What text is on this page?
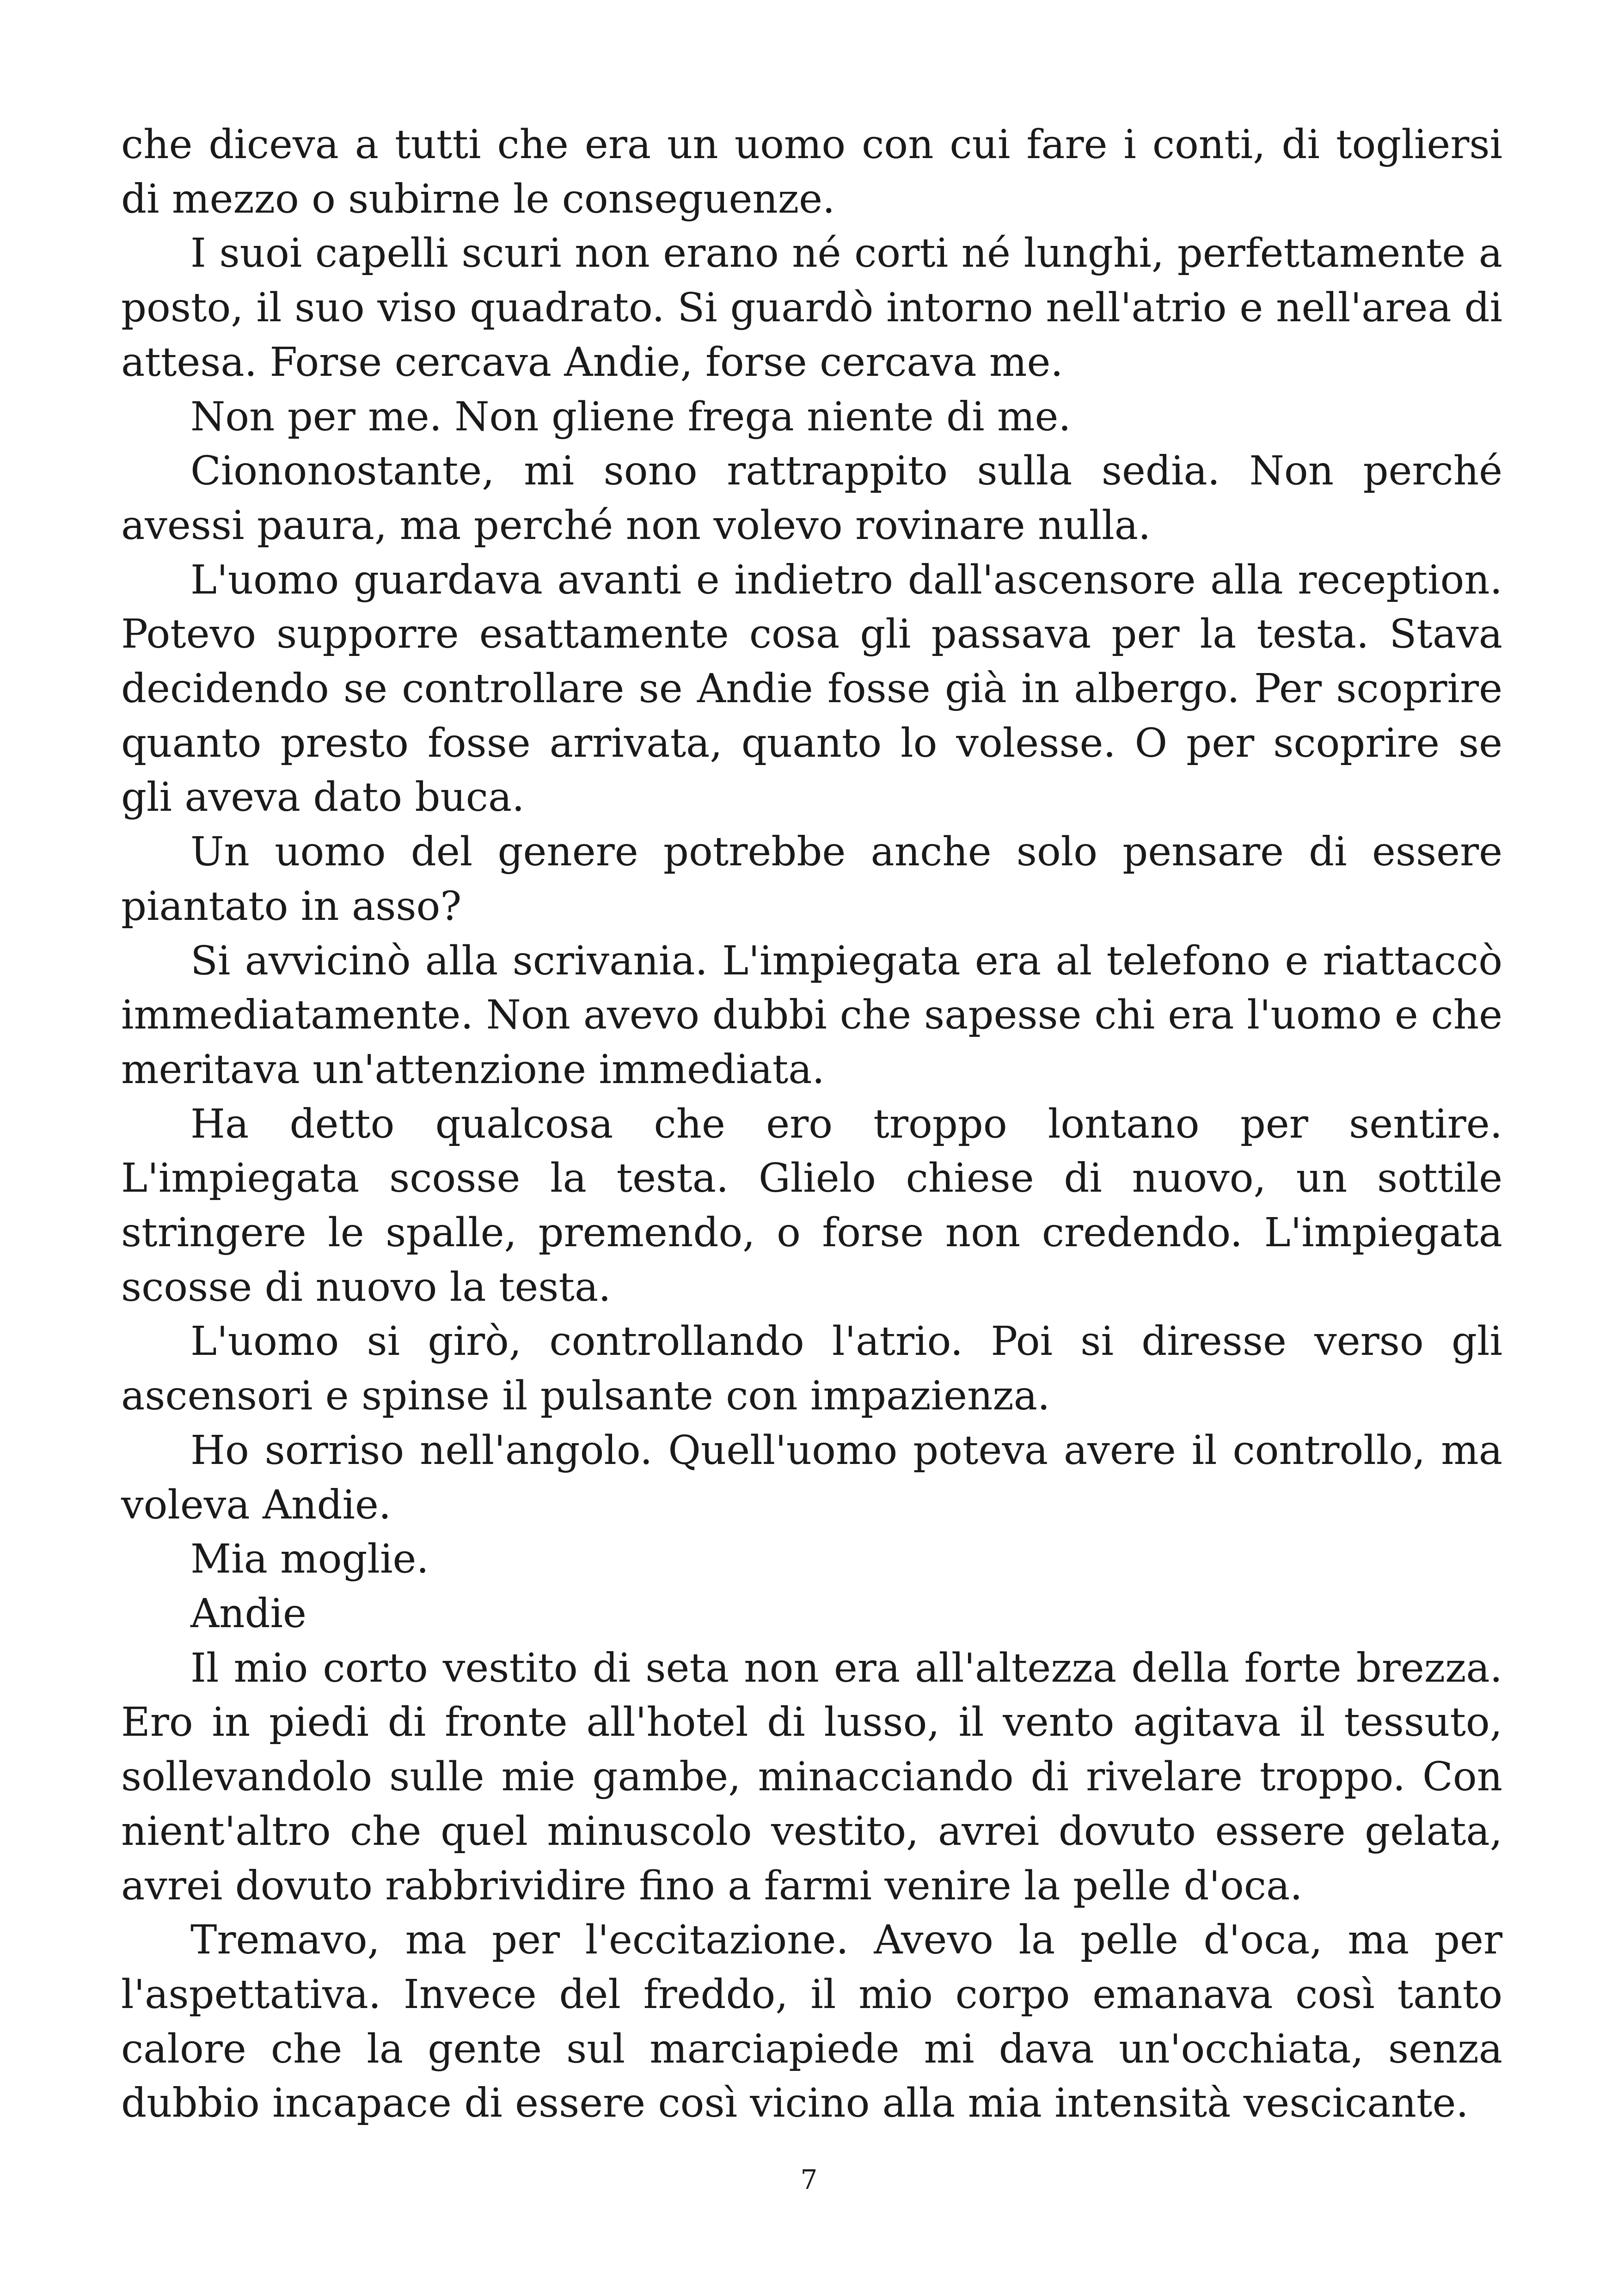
che diceva a tutti che era un uomo con cui fare i conti, di togliersi di mezzo o subirne le conseguenze.

I suoi capelli scuri non erano né corti né lunghi, perfettamente a posto, il suo viso quadrato. Si guardò intorno nell'atrio e nell'area di attesa. Forse cercava Andie, forse cercava me.

Non per me. Non gliene frega niente di me.

Ciononostante, mi sono rattrappito sulla sedia. Non perché avessi paura, ma perché non volevo rovinare nulla.

L'uomo guardava avanti e indietro dall'ascensore alla reception. Potevo supporre esattamente cosa gli passava per la testa. Stava decidendo se controllare se Andie fosse già in albergo. Per scoprire quanto presto fosse arrivata, quanto lo volesse. O per scoprire se gli aveva dato buca.

Un uomo del genere potrebbe anche solo pensare di essere piantato in asso?

Si avvicinò alla scrivania. L'impiegata era al telefono e riattaccò immediatamente. Non avevo dubbi che sapesse chi era l'uomo e che meritava un'attenzione immediata.

Ha detto qualcosa che ero troppo lontano per sentire. L'impiegata scosse la testa. Glielo chiese di nuovo, un sottile stringere le spalle, premendo, o forse non credendo. L'impiegata scosse di nuovo la testa.

L'uomo si girò, controllando l'atrio. Poi si diresse verso gli ascensori e spinse il pulsante con impazienza.

Ho sorriso nell'angolo. Quell'uomo poteva avere il controllo, ma voleva Andie.

Mia moglie.

Andie

Il mio corto vestito di seta non era all'altezza della forte brezza. Ero in piedi di fronte all'hotel di lusso, il vento agitava il tessuto, sollevandolo sulle mie gambe, minacciando di rivelare troppo. Con nient'altro che quel minuscolo vestito, avrei dovuto essere gelata, avrei dovuto rabbrividire fino a farmi venire la pelle d'oca.

Tremavo, ma per l'eccitazione. Avevo la pelle d'oca, ma per l'aspettativa. Invece del freddo, il mio corpo emanava così tanto calore che la gente sul marciapiede mi dava un'occhiata, senza dubbio incapace di essere così vicino alla mia intensità vescicante.

7
